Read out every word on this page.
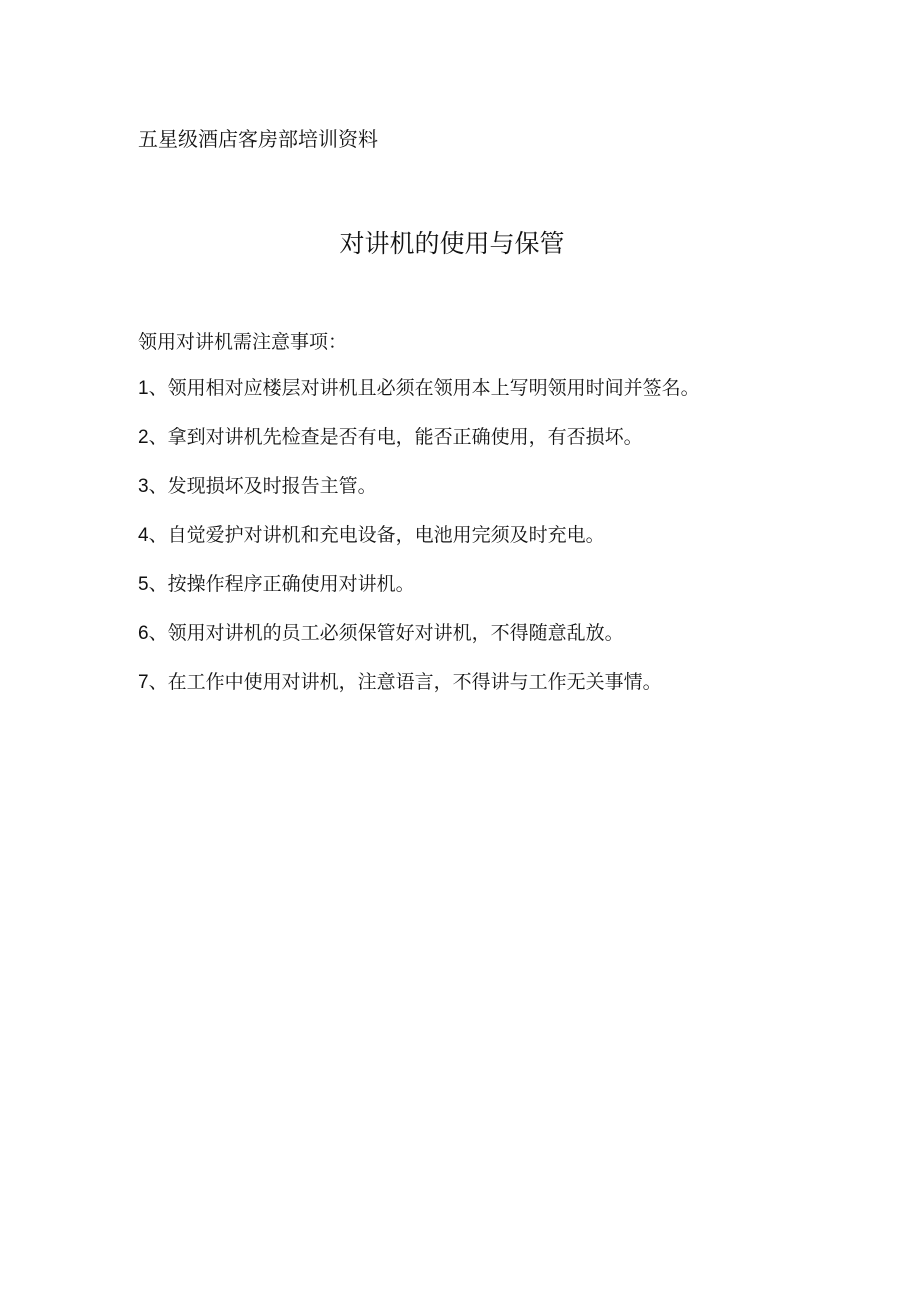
五星级酒店客房部培训资料
对讲机的使用与保管
领用对讲机需注意事项：
1、领用相对应楼层对讲机且必须在领用本上写明领用时间并签名。
2、拿到对讲机先检查是否有电，能否正确使用，有否损坏。
3、发现损坏及时报告主管。
4、自觉爱护对讲机和充电设备，电池用完须及时充电。
5、按操作程序正确使用对讲机。
6、领用对讲机的员工必须保管好对讲机，不得随意乱放。
7、在工作中使用对讲机，注意语言，不得讲与工作无关事情。
